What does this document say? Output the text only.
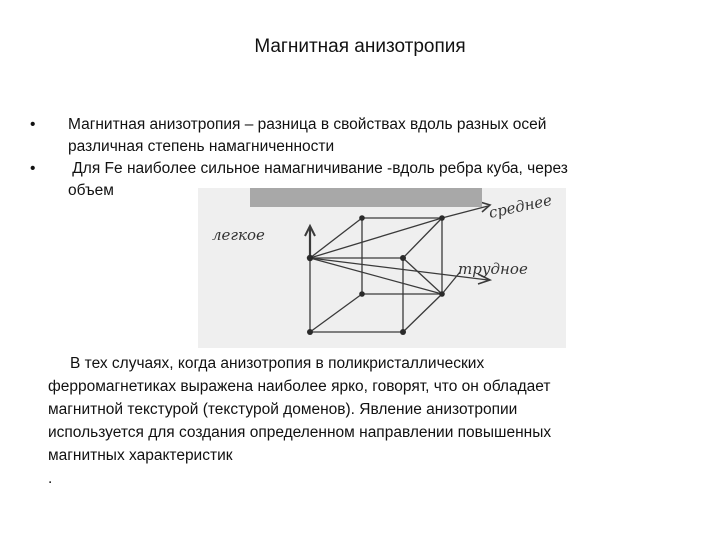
Магнитная анизотропия
• Магнитная анизотропия – разница в свойствах вдоль разных осей
различная степень намагниченности
• Для Fe наиболее сильное намагничивание -вдоль ребра куба, через
объем
легкое
среднее
трудное
В тех случаях, когда анизотропия в поликристаллических
ферромагнетиках выражена наиболее ярко, говорят, что он обладает
магнитной текстурой (текстурой доменов). Явление анизотропии
используется для создания определенном направлении повышенных
магнитных характеристик
.
